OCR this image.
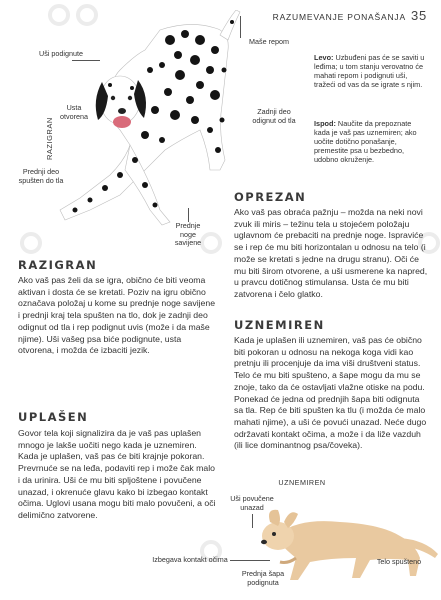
RAZUMEVANJE PONAŠANJA 35
RAZIGRAN
Uši podignute
Usta otvorena
Maše repom
Zadnji deo odignut od tla
Prednji deo spušten do tla
Prednje noge savijene
Levo: Uzbuđeni pas će se saviti u leđima; u tom stanju verovatno će mahati repom i podignuti uši, tražeći od vas da se igrate s njim.
Ispod: Naučite da prepoznate kada je vaš pas uznemiren; ako uočite dotično ponašanje, premestite psa u bezbedno, udobno okruženje.
RAZIGRAN
Ako vaš pas želi da se igra, obično će biti veoma aktivan i dosta će se kretati. Poziv na igru obično označava položaj u kome su prednje noge savijene i prednji kraj tela spušten na tlo, dok je zadnji deo odignut od tla i rep podignut uvis (može i da maše njime). Uši vašeg psa biće podignute, usta otvorena, i možda će izbaciti jezik.
UPLAŠEN
Govor tela koji signalizira da je vaš pas uplašen mnogo je lakše uočiti nego kada je uznemiren. Kada je uplašen, vaš pas će biti krajnje pokoran. Prevrnuće se na leđa, podaviti rep i može čak malo i da urinira. Uši će mu biti spljoštene i povučene unazad, i okrenuće glavu kako bi izbegao kontakt očima. Uglovi usana mogu biti malo povučeni, a oči delimično zatvorene.
OPREZAN
Ako vaš pas obraća pažnju – možda na neki novi zvuk ili miris – težinu tela u stojećem položaju uglavnom će prebaciti na prednje noge. Ispraviće se i rep će mu biti horizontalan u odnosu na telo (i može se kretati s jedne na drugu stranu). Oči će mu biti širom otvorene, a uši usmerene ka napred, u pravcu dotičnog stimulansa. Usta će mu biti zatvorena i čelo glatko.
UZNEMIREN
Kada je uplašen ili uznemiren, vaš pas će obično biti pokoran u odnosu na nekoga koga vidi kao pretnju ili procenjuje da ima viši društveni status. Telo će mu biti spušteno, a šape mogu da mu se znoje, tako da će ostavljati vlažne otiske na podu. Ponekad će jedna od prednjih šapa biti odignuta sa tla. Rep će biti spušten ka tlu (i možda će malo mahati njime), a uši će povući unazad. Neće dugo održavati kontakt očima, a može i da liže vazduh (ili lice dominantnog psa/čoveka).
UZNEMIREN
Uši povučene unazad
Izbegava kontakt očima
Prednja šapa podignuta
Telo spušteno
